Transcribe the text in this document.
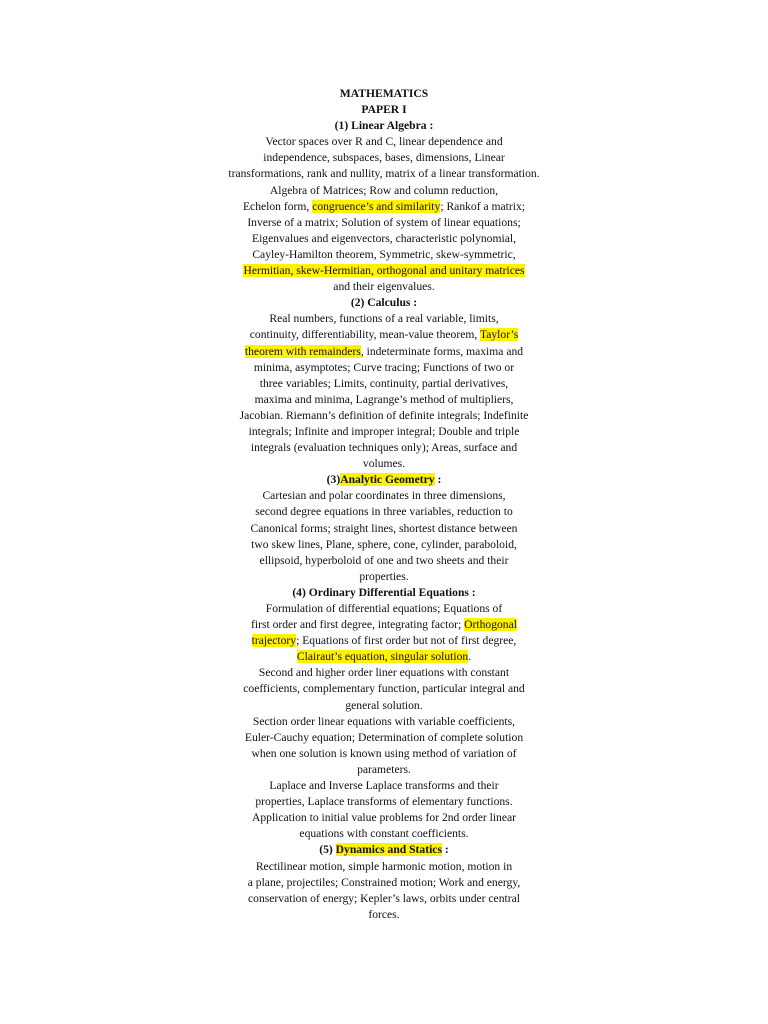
MATHEMATICS
PAPER I
(1) Linear Algebra :
Vector spaces over R and C, linear dependence and
independence, subspaces, bases, dimensions, Linear
transformations, rank and nullity, matrix of a linear transformation.
Algebra of Matrices; Row and column reduction,
Echelon form, congruence’s and similarity; Rankof a matrix;
Inverse of a matrix; Solution of system of linear equations;
Eigenvalues and eigenvectors, characteristic polynomial,
Cayley-Hamilton theorem, Symmetric, skew-symmetric,
Hermitian, skew-Hermitian, orthogonal and unitary matrices
and their eigenvalues.
(2) Calculus :
Real numbers, functions of a real variable, limits,
continuity, differentiability, mean-value theorem, Taylor’s
theorem with remainders, indeterminate forms, maxima and
minima, asymptotes; Curve tracing; Functions of two or
three variables; Limits, continuity, partial derivatives,
maxima and minima, Lagrange’s method of multipliers,
Jacobian. Riemann’s definition of definite integrals; Indefinite
integrals; Infinite and improper integral; Double and triple
integrals (evaluation techniques only); Areas, surface and
volumes.
(3)Analytic Geometry :
Cartesian and polar coordinates in three dimensions,
second degree equations in three variables, reduction to
Canonical forms; straight lines, shortest distance between
two skew lines, Plane, sphere, cone, cylinder, paraboloid,
ellipsoid, hyperboloid of one and two sheets and their
properties.
(4) Ordinary Differential Equations :
Formulation of differential equations; Equations of
first order and first degree, integrating factor; Orthogonal
trajectory; Equations of first order but not of first degree,
Clairaut’s equation, singular solution.
Second and higher order liner equations with constant
coefficients, complementary function, particular integral and
general solution.
Section order linear equations with variable coefficients,
Euler-Cauchy equation; Determination of complete solution
when one solution is known using method of variation of
parameters.
Laplace and Inverse Laplace transforms and their
properties, Laplace transforms of elementary functions.
Application to initial value problems for 2nd order linear
equations with constant coefficients.
(5) Dynamics and Statics :
Rectilinear motion, simple harmonic motion, motion in
a plane, projectiles; Constrained motion; Work and energy,
conservation of energy; Kepler’s laws, orbits under central
forces.
